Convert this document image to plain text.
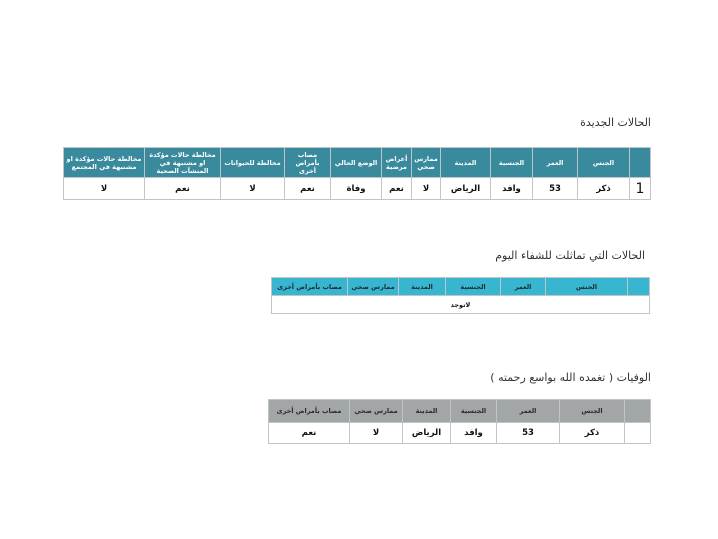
الحالات الجديدة
	الجنس	العمر	الجنسية	المدينة	ممارس صحي	أعراض مرضية	الوضع الحالي	مصاب بأمراض أخرى	مخالطة للحيوانات	مخالطة حالات مؤكدة او مشتبهة في المنشآت الصحية	مخالطة حالات مؤكدة او مشتبهة في المجتمع
1	ذكر	53	وافد	الرياض	لا	نعم	وفاة	نعم	لا	نعم	لا
الحالات التي تماثلت للشفاء اليوم
	الجنس	العمر	الجنسية	المدينة	ممارس صحي	مصاب بأمراض أخرى
لاتوجد
الوفيات ( تغمده الله بواسع رحمته )
	الجنس	العمر	الجنسية	المدينة	ممارس صحي	مصاب بأمراض أخرى
	ذكر	53	وافد	الرياض	لا	نعم
